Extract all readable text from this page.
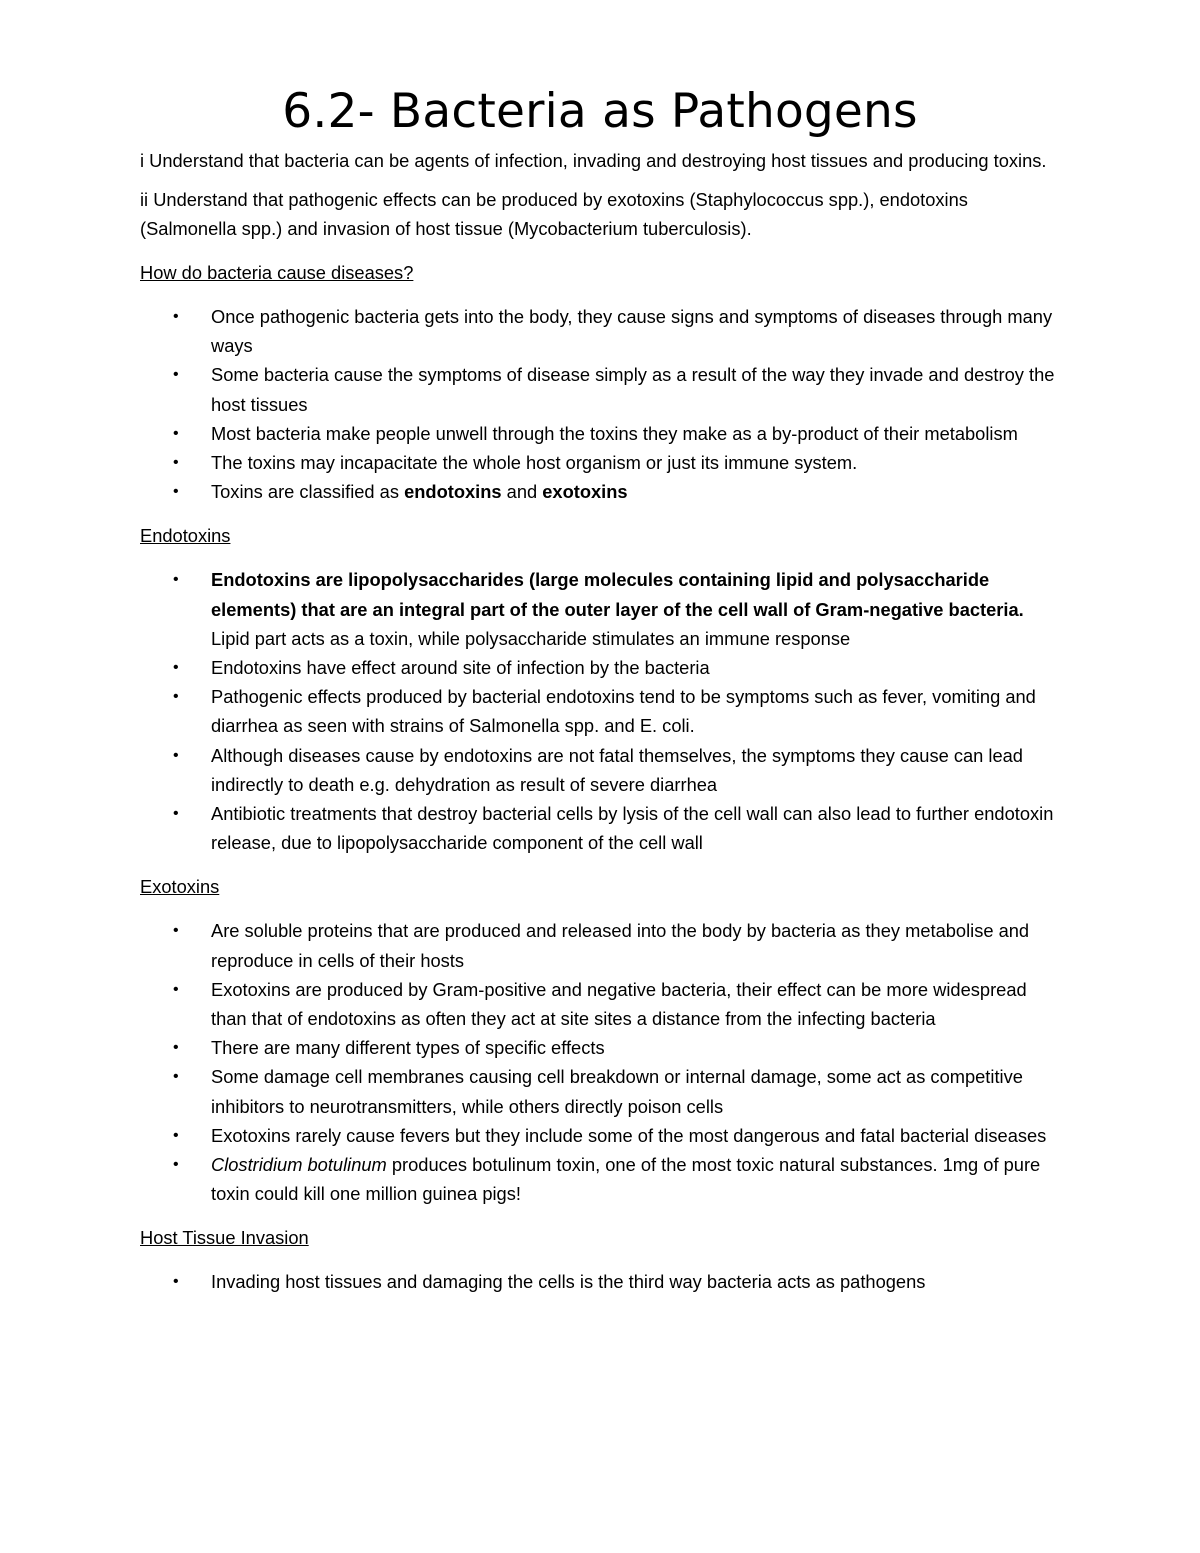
6.2- Bacteria as Pathogens

i Understand that bacteria can be agents of infection, invading and destroying host tissues and producing toxins.

ii Understand that pathogenic effects can be produced by exotoxins (Staphylococcus spp.), endotoxins (Salmonella spp.) and invasion of host tissue (Mycobacterium tuberculosis).

How do bacteria cause diseases?
• Once pathogenic bacteria gets into the body, they cause signs and symptoms of diseases through many ways
• Some bacteria cause the symptoms of disease simply as a result of the way they invade and destroy the host tissues
• Most bacteria make people unwell through the toxins they make as a by-product of their metabolism
• The toxins may incapacitate the whole host organism or just its immune system.
• Toxins are classified as endotoxins and exotoxins
Endotoxins
• Endotoxins are lipopolysaccharides (large molecules containing lipid and polysaccharide elements) that are an integral part of the outer layer of the cell wall of Gram-negative bacteria. Lipid part acts as a toxin, while polysaccharide stimulates an immune response
• Endotoxins have effect around site of infection by the bacteria
• Pathogenic effects produced by bacterial endotoxins tend to be symptoms such as fever, vomiting and diarrhea as seen with strains of Salmonella spp. and E. coli.
• Although diseases cause by endotoxins are not fatal themselves, the symptoms they cause can lead indirectly to death e.g. dehydration as result of severe diarrhea
• Antibiotic treatments that destroy bacterial cells by lysis of the cell wall can also lead to further endotoxin release, due to lipopolysaccharide component of the cell wall
Exotoxins
• Are soluble proteins that are produced and released into the body by bacteria as they metabolise and reproduce in cells of their hosts
• Exotoxins are produced by Gram-positive and negative bacteria, their effect can be more widespread than that of endotoxins as often they act at site sites a distance from the infecting bacteria
• There are many different types of specific effects
• Some damage cell membranes causing cell breakdown or internal damage, some act as competitive inhibitors to neurotransmitters, while others directly poison cells
• Exotoxins rarely cause fevers but they include some of the most dangerous and fatal bacterial diseases
• Clostridium botulinum produces botulinum toxin, one of the most toxic natural substances. 1mg of pure toxin could kill one million guinea pigs!
Host Tissue Invasion
• Invading host tissues and damaging the cells is the third way bacteria acts as pathogens
